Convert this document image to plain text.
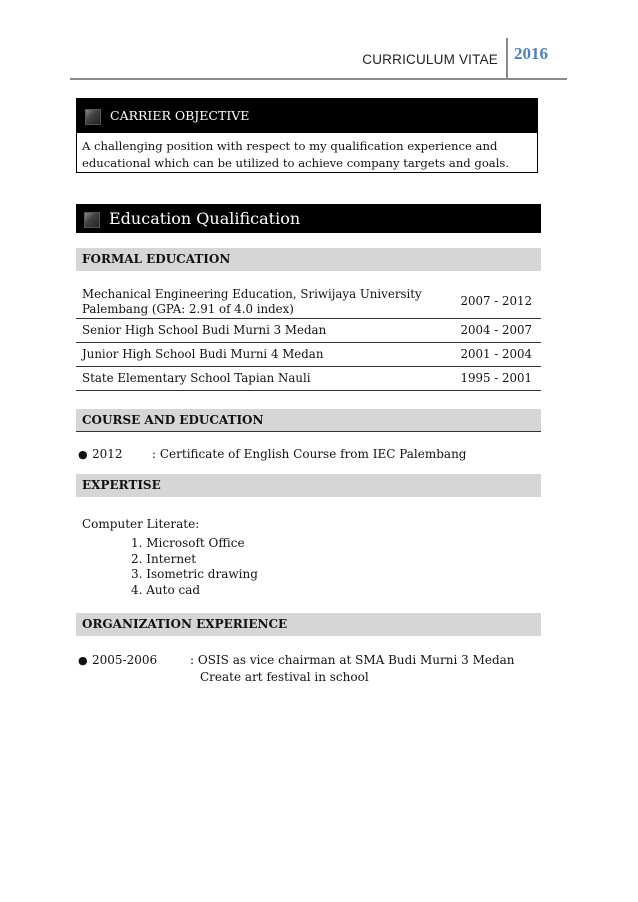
CURRICULUM VITAE 2016
CARRIER OBJECTIVE
A challenging position with respect to my qualification experience and
educational which can be utilized to achieve company targets and goals.
Education Qualification
FORMAL EDUCATION
Mechanical Engineering Education, Sriwijaya University
Palembang (GPA: 2.91 of 4.0 index)	2007 - 2012
Senior High School Budi Murni 3 Medan	2004 - 2007
Junior High School Budi Murni 4 Medan	2001 - 2004
State Elementary School Tapian Nauli	1995 - 2001
COURSE AND EDUCATION
● 2012 : Certificate of English Course from IEC Palembang
EXPERTISE
Computer Literate:
1. Microsoft Office
2. Internet
3. Isometric drawing
4. Auto cad
ORGANIZATION EXPERIENCE
● 2005-2006	: OSIS as vice chairman at SMA Budi Murni 3 Medan
Create art festival in school
